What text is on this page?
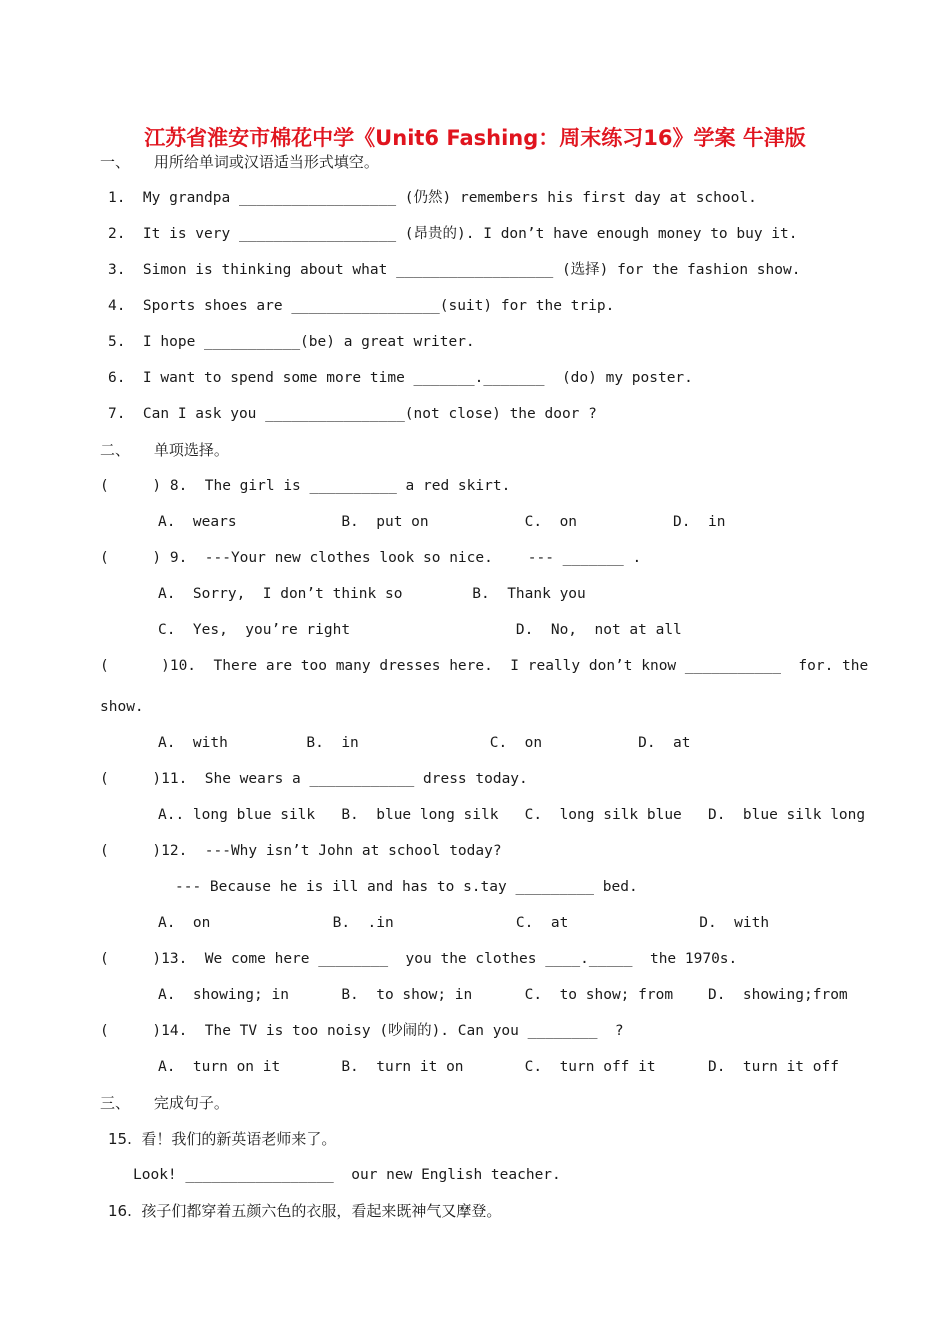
江苏省淮安市棉花中学《Unit6 Fashing：周末练习16》学案 牛津版
一、     用所给单词或汉语适当形式填空。
1.  My grandpa __________________ (仍然) remembers his first day at school.
2.  It is very __________________ (昂贵的). I don’t have enough money to buy it.
3.  Simon is thinking about what __________________ (选择) for the fashion show.
4.  Sports shoes are _________________(suit) for the trip.
5.  I hope ___________(be) a great writer.
6.  I want to spend some more time _______._______  (do) my poster.
7.  Can I ask you ________________(not close) the door ?
二、     单项选择。
(     ) 8.  The girl is __________ a red skirt.
A.  wears            B.  put on           C.  on           D.  in
(     ) 9.  ---Your new clothes look so nice.    --- _______ .
A.  Sorry,  I don’t think so        B.  Thank you
C.  Yes,  you’re right                   D.  No,  not at all
(      )10.  There are too many dresses here.  I really don’t know ___________  for. the
show.
A.  with         B.  in               C.  on           D.  at
(     )11.  She wears a ____________ dress today.
A.. long blue silk   B.  blue long silk   C.  long silk blue   D.  blue silk long
(     )12.  ---Why isn’t John at school today?
--- Because he is ill and has to s.tay _________ bed.
A.  on              B.  .in              C.  at               D.  with
(     )13.  We come here ________  you the clothes ____._____  the 1970s.
A.  showing; in      B.  to show; in      C.  to show; from    D.  showing;from
(     )14.  The TV is too noisy (吵闹的). Can you ________  ?
A.  turn on it       B.  turn it on       C.  turn off it      D.  turn it off
三、     完成句子。
15.  看！我们的新英语老师来了。
Look! _________________  our new English teacher.
16.  孩子们都穿着五颜六色的衣服，看起来既神气又摩登。
